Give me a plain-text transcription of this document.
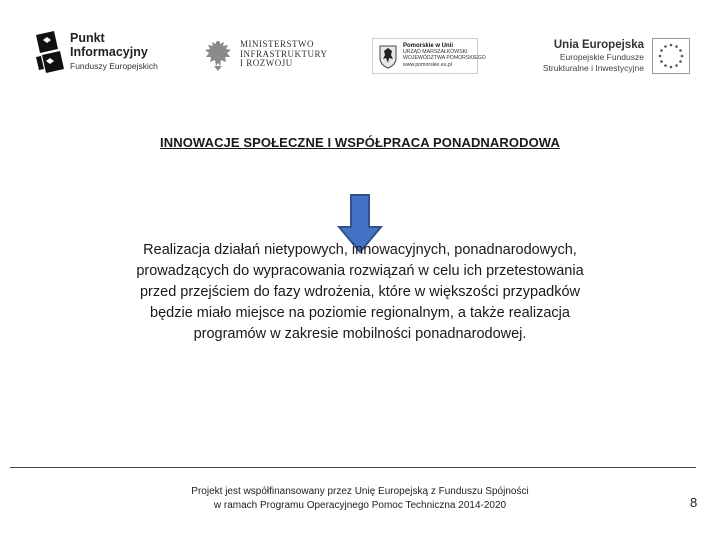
Punkt
Informacyjny
Funduszy Europejskich
MINISTERSTWO
INFRASTRUKTURY
I ROZWOJU
Pomorskie w Unii
URZĄD MARSZAŁKOWSKI
WOJEWÓDZTWA POMORSKIEGO
www.pomorskie.eu.pl
Unia Europejska
Europejskie Fundusze
Strukturalne i Inwestycyjne
INNOWACJE SPOŁECZNE I WSPÓŁPRACA PONADNARODOWA
Realizacja działań nietypowych, innowacyjnych, ponadnarodowych,
prowadzących do wypracowania rozwiązań w celu ich przetestowania
przed przejściem do fazy wdrożenia, które w większości przypadków
będzie miało miejsce na poziomie regionalnym, a także realizacja
programów w zakresie mobilności ponadnarodowej.
Projekt jest współfinansowany przez Unię Europejską z Funduszu Spójności
w ramach Programu Operacyjnego Pomoc Techniczna 2014-2020	8
